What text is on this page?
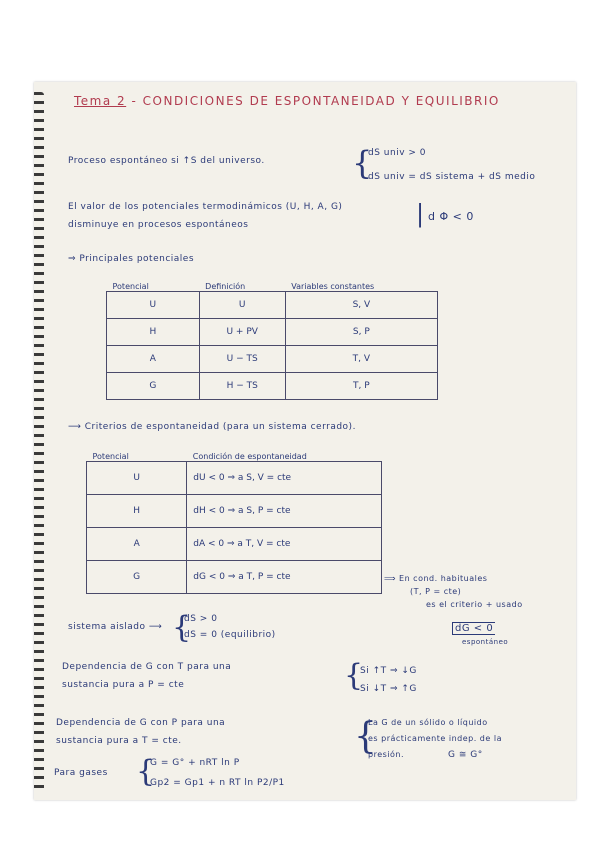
Tema 2 - CONDICIONES DE ESPONTANEIDAD Y EQUILIBRIO
Proceso espontáneo si ↑S del universo.	{
dS univ > 0
dS univ = dS sistema + dS medio
El valor de los potenciales termodinámicos (U, H, A, G)
disminuye en procesos espontáneos	| d Φ < 0
⇒ Principales potenciales
Potencial	Definición	Variables constantes
U	U	S, V
H	U + PV	S, P
A	U − TS	T, V
G	H − TS	T, P
⟶ Criterios de espontaneidad (para un sistema cerrado).
Potencial	Condición de espontaneidad
U	dU < 0 ⇒ a S, V = cte
H	dH < 0 ⇒ a S, P = cte
A	dA < 0 ⇒ a T, V = cte
G	dG < 0 ⇒ a T, P = cte	⟹ En cond. habituales
(T, P = cte)
es el criterio + usado
dG < 0
espontáneo
sistema aislado ⟶ {
dS > 0
dS = 0 (equilibrio)
Dependencia de G con T para una
sustancia pura a P = cte	{
Si ↑T ⇒ ↓G
Si ↓T ⇒ ↑G
Dependencia de G con P para una
sustancia pura a T = cte.	{
La G de un sólido o líquido
es prácticamente indep. de la
presión.	G ≅ G°
Para gases {
G = G° + nRT ln P
Gp2 = Gp1 + n RT ln P2/P1
